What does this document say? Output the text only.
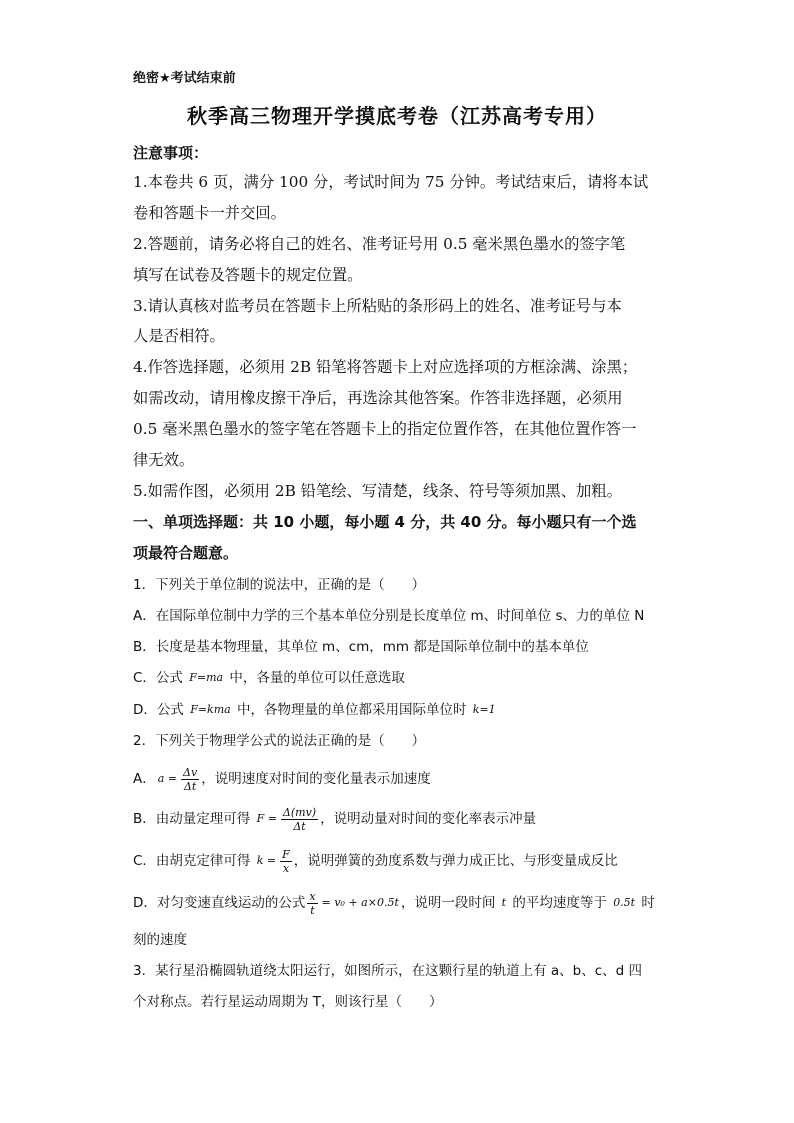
绝密★考试结束前
秋季高三物理开学摸底考卷（江苏高考专用）
注意事项：
1.本卷共 6 页，满分 100 分，考试时间为 75 分钟。考试结束后，请将本试
卷和答题卡一并交回。
2.答题前，请务必将自己的姓名、准考证号用 0.5 毫米黑色墨水的签字笔
填写在试卷及答题卡的规定位置。
3.请认真核对监考员在答题卡上所粘贴的条形码上的姓名、准考证号与本
人是否相符。
4.作答选择题，必须用 2B 铅笔将答题卡上对应选择项的方框涂满、涂黑；
如需改动，请用橡皮擦干净后，再选涂其他答案。作答非选择题，必须用
0.5 毫米黑色墨水的签字笔在答题卡上的指定位置作答，在其他位置作答一
律无效。
5.如需作图，必须用 2B 铅笔绘、写清楚，线条、符号等须加黑、加粗。
一、单项选择题：共 10 小题，每小题 4 分，共 40 分。每小题只有一个选
项最符合题意。
1．下列关于单位制的说法中，正确的是（　　）
A．在国际单位制中力学的三个基本单位分别是长度单位 m、时间单位 s、力的单位 N
B．长度是基本物理量，其单位 m、cm，mm 都是国际单位制中的基本单位
C．公式 F=ma 中，各量的单位可以任意选取
D．公式 F=kma 中，各物理量的单位都采用国际单位时 k=1
2．下列关于物理学公式的说法正确的是（　　）
A． $a = \frac{\Delta v}{\Delta t}$ ，说明速度对时间的变化量表示加速度
B．由动量定理可得 $F = \frac{\Delta(mv)}{\Delta t}$ ，说明动量对时间的变化率表示冲量
C．由胡克定律可得 $k = \frac{F}{x}$ ，说明弹簧的劲度系数与弹力成正比、与形变量成反比
D．对匀变速直线运动的公式 $\frac{x}{t} = v_0 + a\times 0.5t$ ，说明一段时间 t 的平均速度等于 0.5t 时
刻的速度
3．某行星沿椭圆轨道绕太阳运行，如图所示，在这颗行星的轨道上有 a、b、c、d 四
个对称点。若行星运动周期为 T，则该行星（　　）
